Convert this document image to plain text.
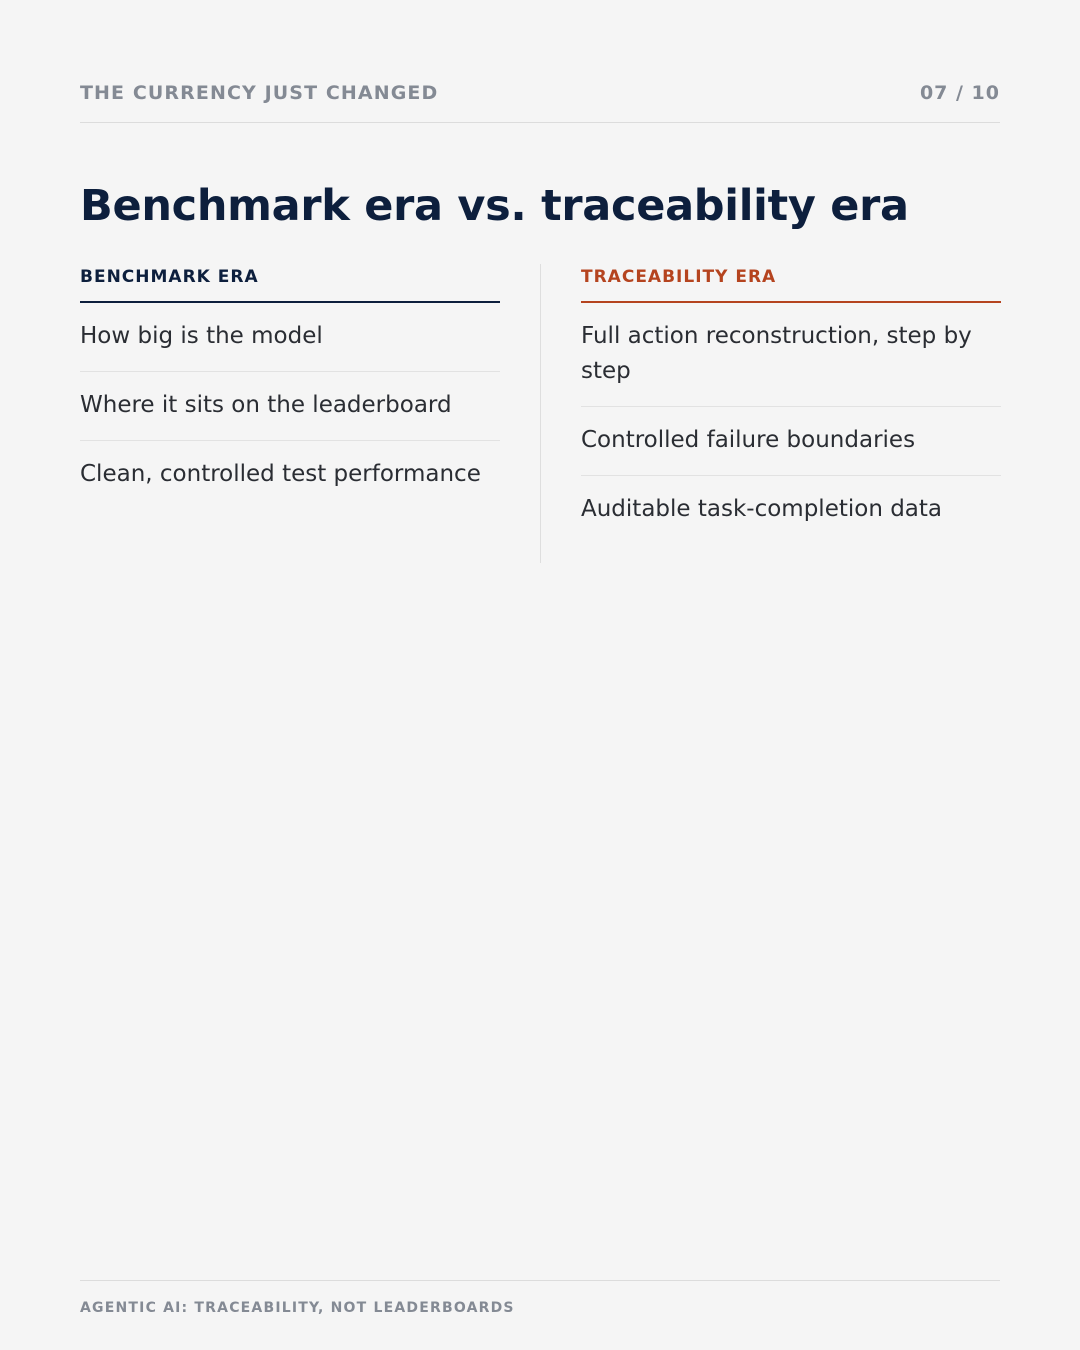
THE CURRENCY JUST CHANGED	07 / 10
Benchmark era vs. traceability era
BENCHMARK ERA
How big is the model
Where it sits on the leaderboard
Clean, controlled test performance
TRACEABILITY ERA
Full action reconstruction, step by step
Controlled failure boundaries
Auditable task-completion data
AGENTIC AI: TRACEABILITY, NOT LEADERBOARDS
